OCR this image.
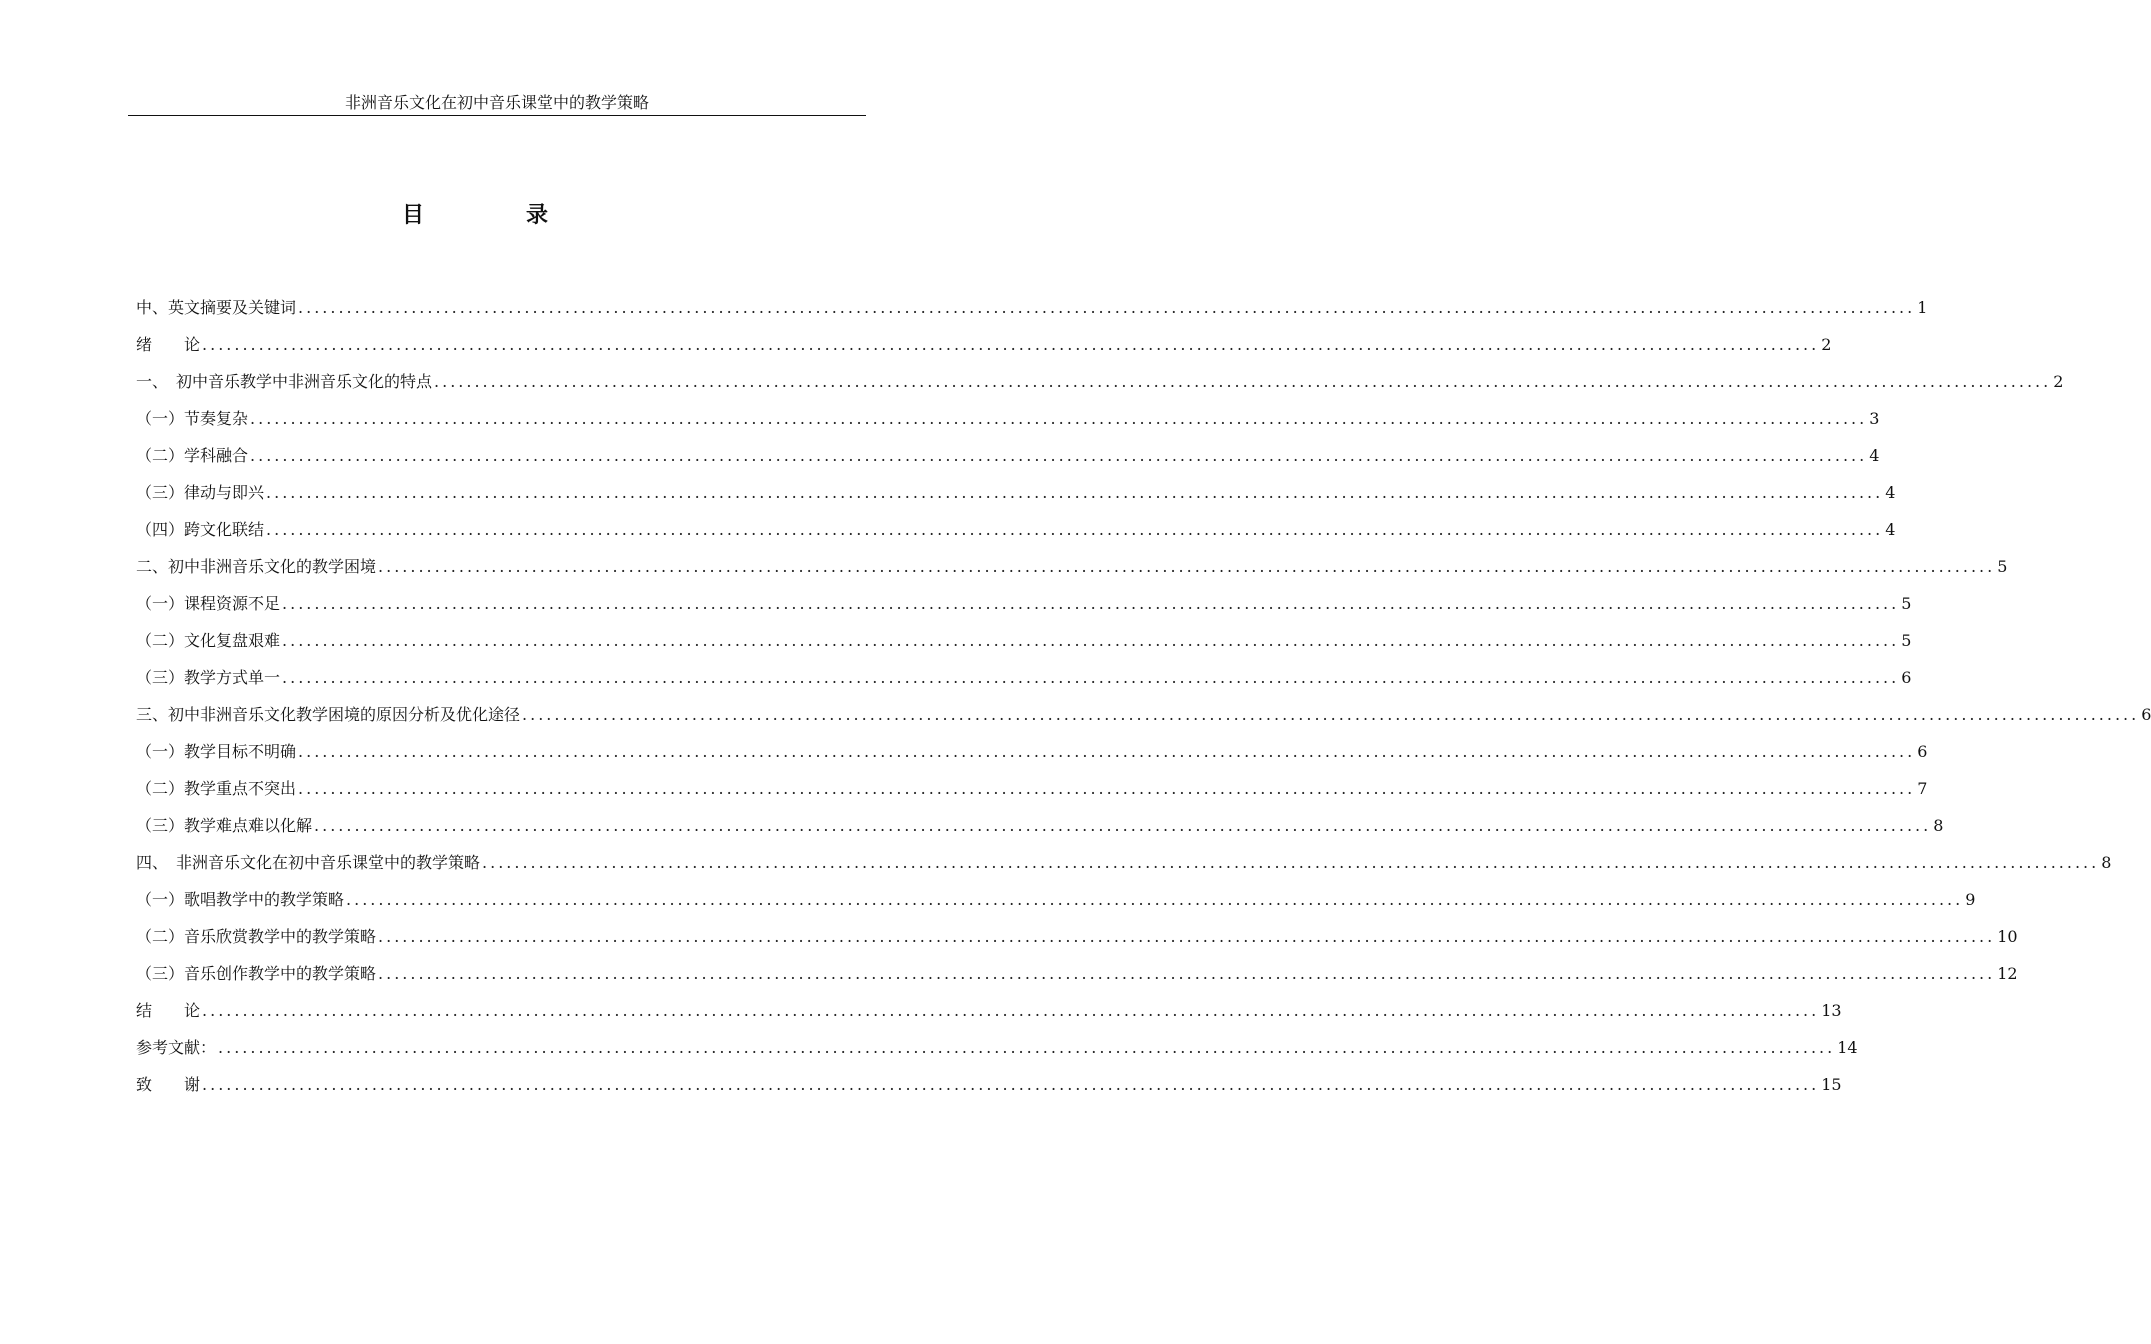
非洲音乐文化在初中音乐课堂中的教学策略
目　录
中、英文摘要及关键词 ........................................................................................................................................................................................................ 1
绪　　论 ........................................................................................................................................................................................................ 2
一、　初中音乐教学中非洲音乐文化的特点 ........................................................................................................................................................................................................ 2
（一）节奏复杂 ........................................................................................................................................................................................................ 3
（二）学科融合 ........................................................................................................................................................................................................ 4
（三）律动与即兴 ........................................................................................................................................................................................................ 4
（四）跨文化联结 ........................................................................................................................................................................................................ 4
二、初中非洲音乐文化的教学困境 ........................................................................................................................................................................................................ 5
（一）课程资源不足 ........................................................................................................................................................................................................ 5
（二）文化复盘艰难 ........................................................................................................................................................................................................ 5
（三）教学方式单一 ........................................................................................................................................................................................................ 6
三、初中非洲音乐文化教学困境的原因分析及优化途径 ........................................................................................................................................................................................................ 6
（一）教学目标不明确 ........................................................................................................................................................................................................ 6
（二）教学重点不突出 ........................................................................................................................................................................................................ 7
（三）教学难点难以化解 ........................................................................................................................................................................................................ 8
四、　非洲音乐文化在初中音乐课堂中的教学策略 ........................................................................................................................................................................................................ 8
（一）歌唱教学中的教学策略 ........................................................................................................................................................................................................ 9
（二）音乐欣赏教学中的教学策略 ........................................................................................................................................................................................................ 10
（三）音乐创作教学中的教学策略 ........................................................................................................................................................................................................ 12
结　　论 ........................................................................................................................................................................................................ 13
参考文献： ........................................................................................................................................................................................................ 14
致　　谢 ........................................................................................................................................................................................................ 15
